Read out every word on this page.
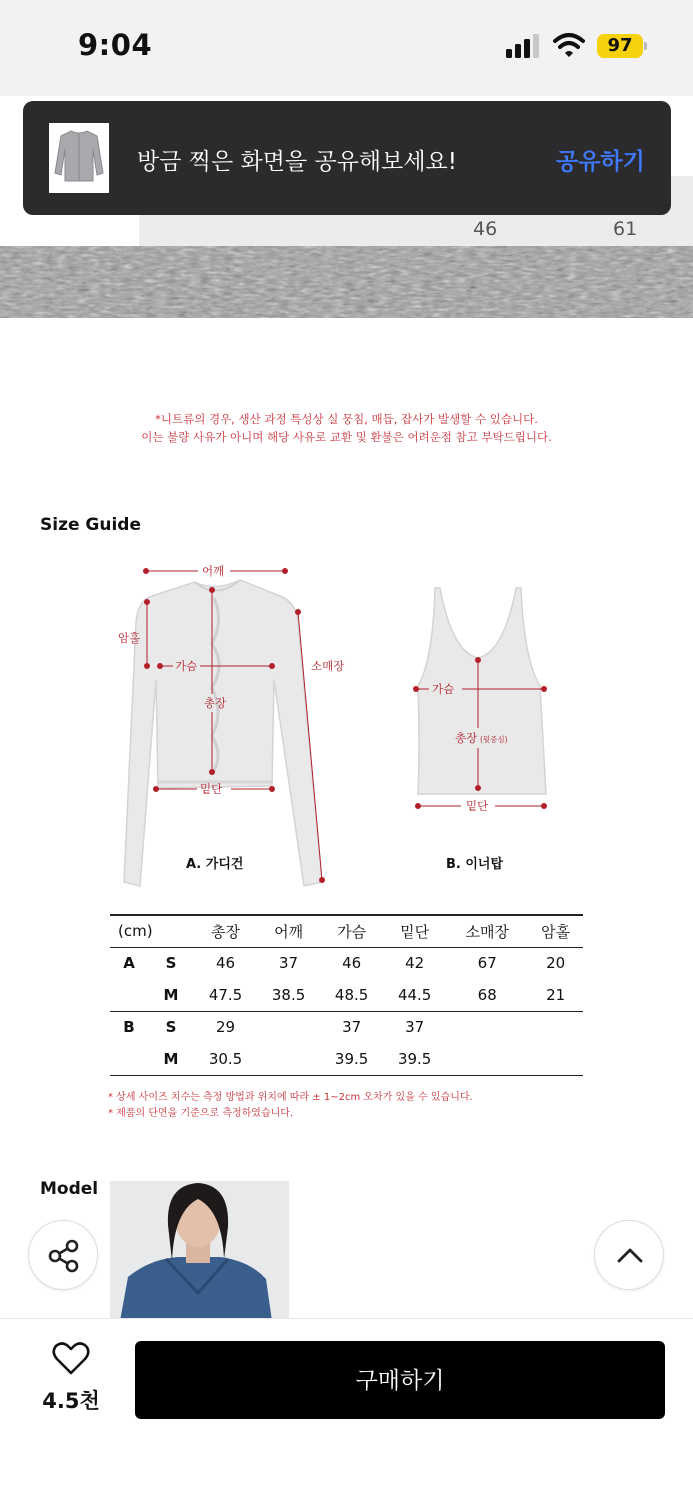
9:04	97
46	61
방금 찍은 화면을 공유해보세요!	공유하기
*니트류의 경우, 생산 과정 특성상 실 뭉침, 매듭, 잡사가 발생할 수 있습니다.
이는 불량 사유가 아니며 해당 사유로 교환 및 환불은 어려운점 참고 부탁드립니다.
Size Guide
어깨
암홀
가슴
총장
소매장
밑단
가슴
총장 (뒷중심)
밑단
A. 가디건	B. 이너탑
(cm)		총장	어깨	가슴	밑단	소매장	암홀
A	S	46	37	46	42	67	20
	M	47.5	38.5	48.5	44.5	68	21
B	S	29		37	37		
	M	30.5		39.5	39.5		
* 상세 사이즈 치수는 측정 방법과 위치에 따라 ± 1~2cm 오차가 있을 수 있습니다.
* 제품의 단면을 기준으로 측정하였습니다.
Model
4.5천
구매하기
